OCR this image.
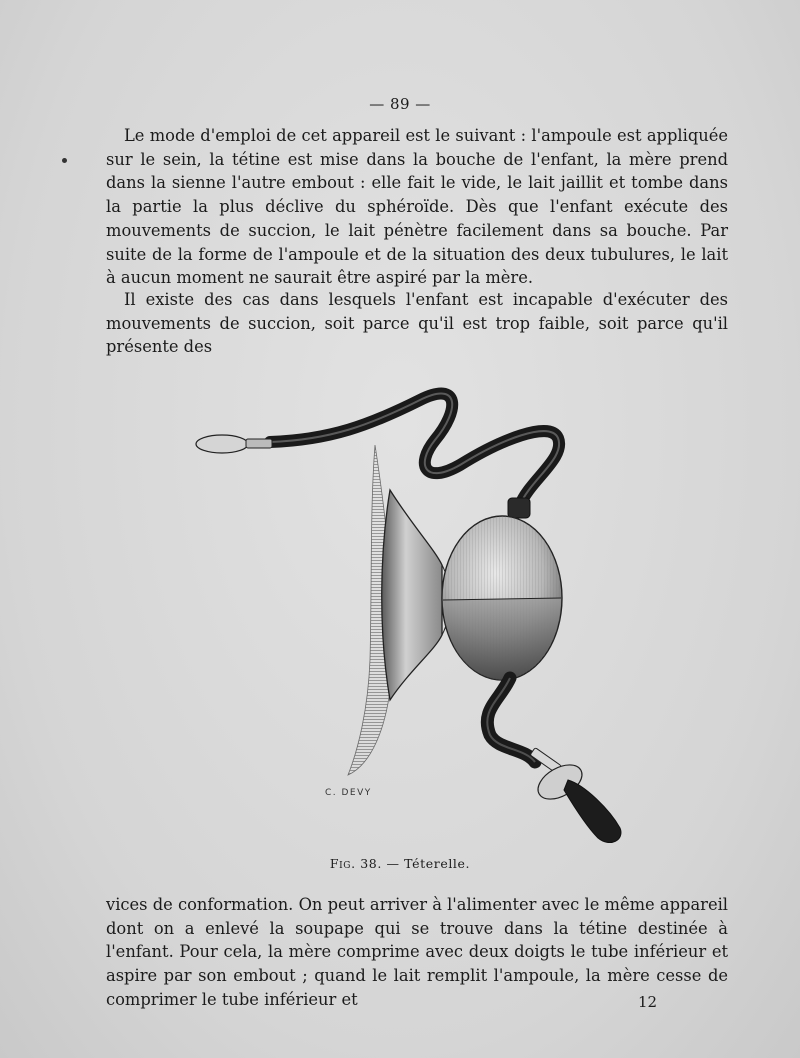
— 89 —

Le mode d'emploi de cet appareil est le suivant : l'ampoule est appliquée sur le sein, la tétine est mise dans la bouche de l'enfant, la mère prend dans la sienne l'autre embout : elle fait le vide, le lait jaillit et tombe dans la partie la plus déclive du sphéroïde. Dès que l'enfant exécute des mouvements de succion, le lait pénètre facilement dans sa bouche. Par suite de la forme de l'ampoule et de la situation des deux tubulures, le lait à aucun moment ne saurait être aspiré par la mère.

Il existe des cas dans lesquels l'enfant est incapable d'exécuter des mouvements de succion, soit parce qu'il est trop faible, soit parce qu'il présente des

C. DEVY
Fig. 38. — Téterelle.

vices de conformation. On peut arriver à l'alimenter avec le même appareil dont on a enlevé la soupape qui se trouve dans la tétine destinée à l'enfant. Pour cela, la mère comprime avec deux doigts le tube inférieur et aspire par son embout ; quand le lait remplit l'ampoule, la mère cesse de comprimer le tube inférieur et	12
